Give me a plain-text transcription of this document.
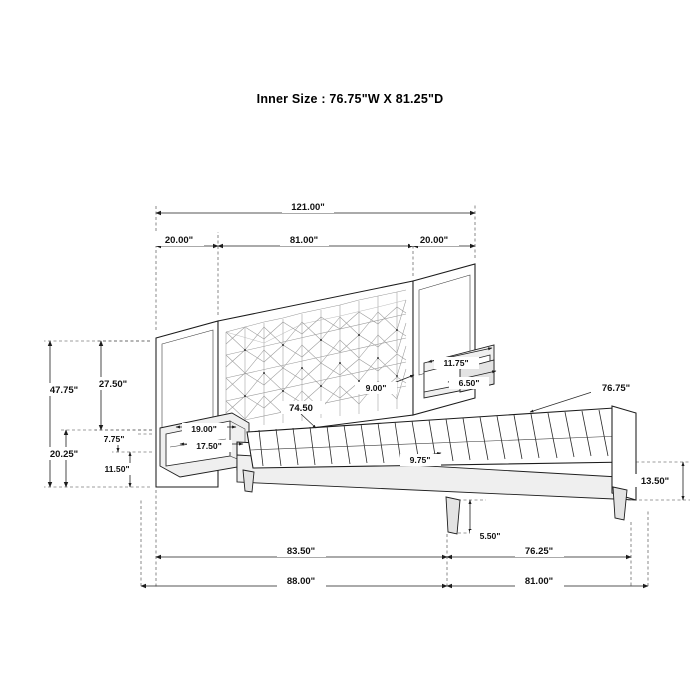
Inner Size : 76.75"W X 81.25"D
121.00"
20.00"	81.00"	20.00"
47.75"
27.50"
20.25"
7.75"
11.50"
19.00"
17.50"
11.75"
6.50"
9.00"
74.50
76.75"
9.75"
13.50"
5.50"
83.50"	76.25"
88.00"	81.00"
